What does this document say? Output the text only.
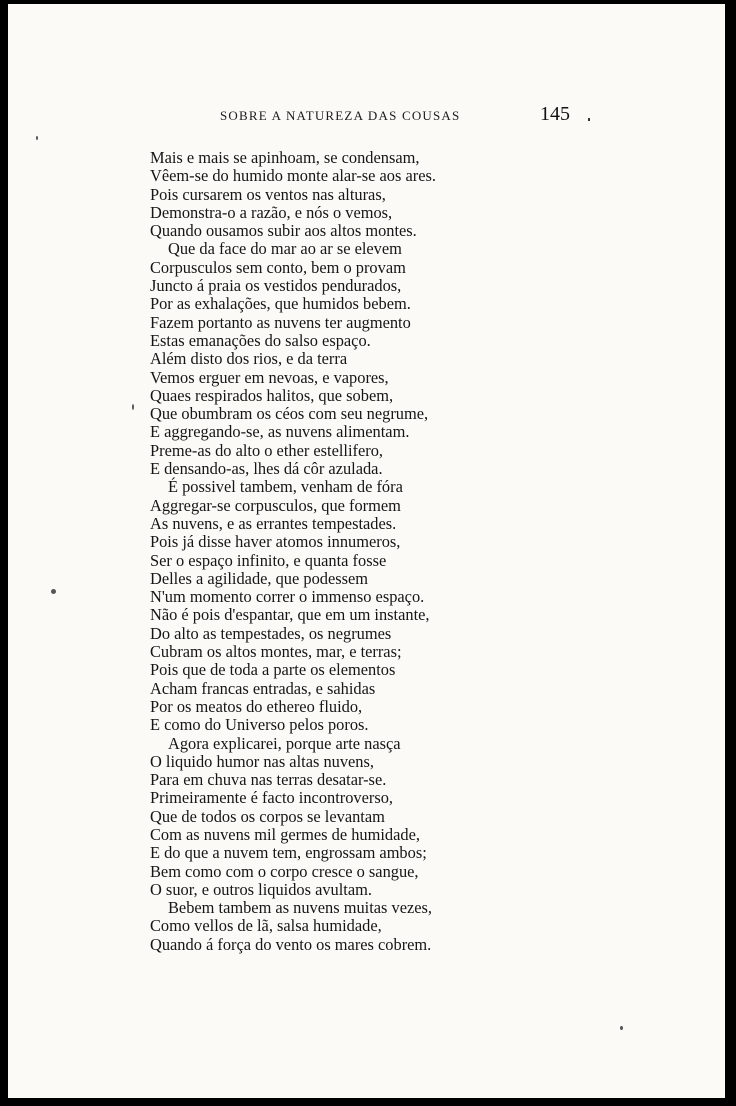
SOBRE A NATUREZA DAS COUSAS	145
Mais e mais se apinhoam, se condensam,
Vêem-se do humido monte alar-se aos ares.
Pois cursarem os ventos nas alturas,
Demonstra-o a razão, e nós o vemos,
Quando ousamos subir aos altos montes.
Que da face do mar ao ar se elevem
Corpusculos sem conto, bem o provam
Juncto á praia os vestidos pendurados,
Por as exhalações, que humidos bebem.
Fazem portanto as nuvens ter augmento
Estas emanações do salso espaço.
Além disto dos rios, e da terra
Vemos erguer em nevoas, e vapores,
Quaes respirados halitos, que sobem,
Que obumbram os céos com seu negrume,
E aggregando-se, as nuvens alimentam.
Preme-as do alto o ether estellifero,
E densando-as, lhes dá côr azulada.
É possivel tambem, venham de fóra
Aggregar-se corpusculos, que formem
As nuvens, e as errantes tempestades.
Pois já disse haver atomos innumeros,
Ser o espaço infinito, e quanta fosse
Delles a agilidade, que podessem
N'um momento correr o immenso espaço.
Não é pois d'espantar, que em um instante,
Do alto as tempestades, os negrumes
Cubram os altos montes, mar, e terras;
Pois que de toda a parte os elementos
Acham francas entradas, e sahidas
Por os meatos do ethereo fluido,
E como do Universo pelos poros.
Agora explicarei, porque arte nasça
O liquido humor nas altas nuvens,
Para em chuva nas terras desatar-se.
Primeiramente é facto incontroverso,
Que de todos os corpos se levantam
Com as nuvens mil germes de humidade,
E do que a nuvem tem, engrossam ambos;
Bem como com o corpo cresce o sangue,
O suor, e outros liquidos avultam.
Bebem tambem as nuvens muitas vezes,
Como vellos de lã, salsa humidade,
Quando á força do vento os mares cobrem.
